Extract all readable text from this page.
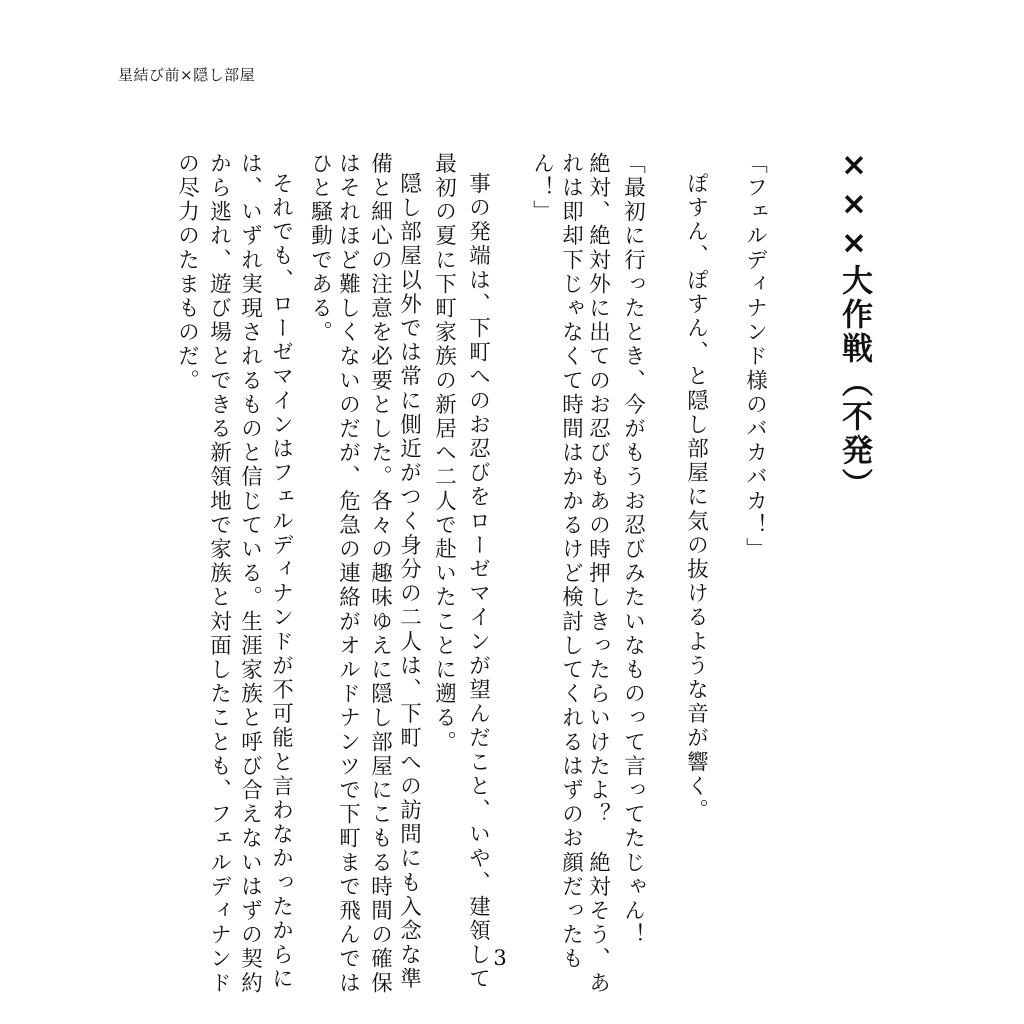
星結び前×隠し部屋
×××大作戦（不発）
ぽすん、ぽすん、と隠し部屋に気の抜けるような音が響く。 「フェルディナンド様のバカバカ！」
「最初に行ったとき、今がもうお忍びみたいなものって言ってたじゃん！
絶対、絶対外に出てのお忍びもあの時押しきったらいけたよ？　絶対そう、あ
れは即却下じゃなくて時間はかかるけど検討してくれるはずのお顔だったも
ん！」
事の発端は、下町へのお忍びをローゼマインが望んだこと、いや、建領して
最初の夏に下町家族の新居へ二人で赴いたことに遡る。
隠し部屋以外では常に側近がつく身分の二人は、下町への訪問にも入念な準
備と細心の注意を必要とした。各々の趣味ゆえに隠し部屋にこもる時間の確保
はそれほど難しくないのだが、危急の連絡がオルドナンツで下町まで飛んでは
ひと騒動である。
それでも、ローゼマインはフェルディナンドが不可能と言わなかったからに
は、いずれ実現されるものと信じている。生涯家族と呼び合えないはずの契約
から逃れ、遊び場とできる新領地で家族と対面したことも、フェルディナンド
の尽力のたまものだ。
3
